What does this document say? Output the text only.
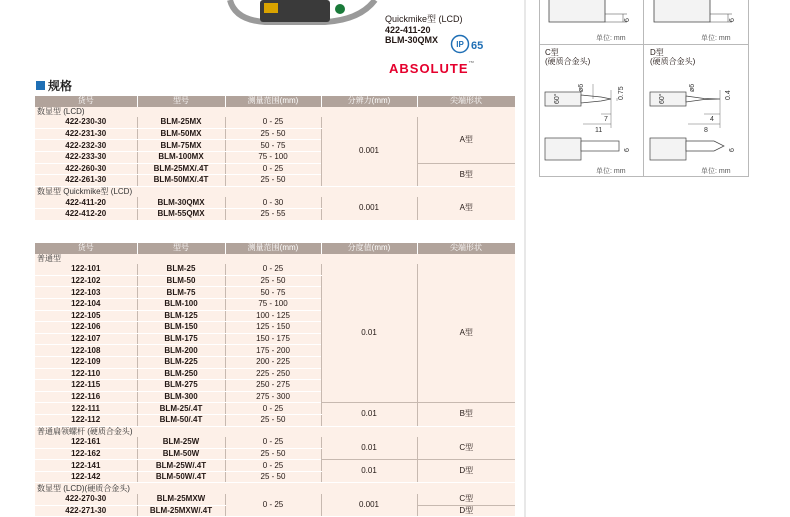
Quickmike型 (LCD)
422-411-20
BLM-30QMX	IP 65
ABSOLUTE™
规格
货号	型号	测量范围(mm)	分辨力(mm)	尖端形状
数显型 (LCD)				
422-230-30	BLM-25MX	0 - 25	0.001	A型
422-231-30	BLM-50MX	25 - 50		
422-232-30	BLM-75MX	50 - 75		
422-233-30	BLM-100MX	75 - 100		
422-260-30	BLM-25MX/.4T	0 - 25		B型
422-261-30	BLM-50MX/.4T	25 - 50		
数显型 Quickmike型 (LCD)				
422-411-20	BLM-30QMX	0 - 30	0.001	A型
422-412-20	BLM-55QMX	25 - 55		
货号	型号	测量范围(mm)	分度值(mm)	尖端形状
普通型				
122-101	BLM-25	0 - 25	0.01	A型
122-102	BLM-50	25 - 50		
122-103	BLM-75	50 - 75		
122-104	BLM-100	75 - 100		
122-105	BLM-125	100 - 125		
122-106	BLM-150	125 - 150		
122-107	BLM-175	150 - 175		
122-108	BLM-200	175 - 200		
122-109	BLM-225	200 - 225		
122-110	BLM-250	225 - 250		
122-115	BLM-275	250 - 275		
122-116	BLM-300	275 - 300		
122-111	BLM-25/.4T	0 - 25	0.01	B型
122-112	BLM-50/.4T	25 - 50		
普通扁领螺杆 (硬质合金头)				
122-161	BLM-25W	0 - 25	0.01	C型
122-162	BLM-50W	25 - 50		
122-141	BLM-25W/.4T	0 - 25	0.01	D型
122-142	BLM-50W/.4T	25 - 50		
数显型 (LCD)(硬质合金头)				
422-270-30	BLM-25MXW	0 - 25	0.001	C型
422-271-30	BLM-25MXW/.4T			D型
6
单位: mm
6
单位: mm
C型
(硬质合金头)
60°
ø6	0.75
7
11
6
单位: mm
D型
(硬质合金头)
60°
ø6
0.4
4
8
6
单位: mm
